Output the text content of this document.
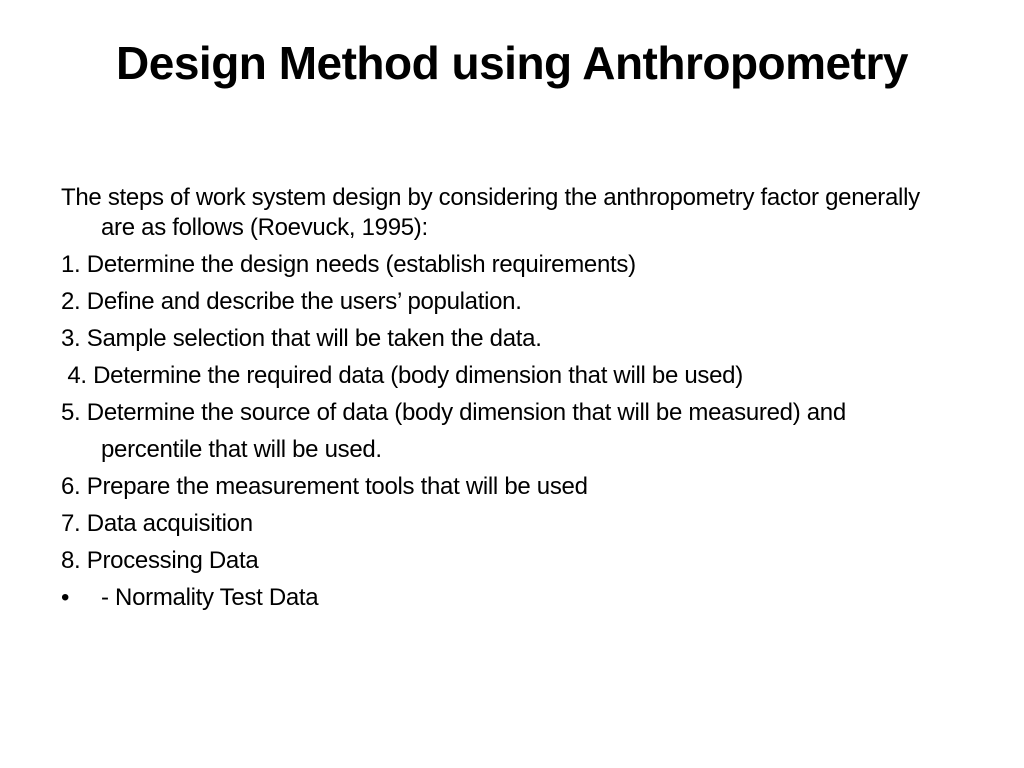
Design Method using Anthropometry

The steps of work system design by considering the anthropometry factor generally are as follows (Roevuck, 1995):

1. Determine the design needs (establish requirements)

2. Define and describe the users’ population.

3. Sample selection that will be taken the data.

4. Determine the required data (body dimension that will be used)

5. Determine the source of data (body dimension that will be measured) and

percentile that will be used.

6. Prepare the measurement tools that will be used

7. Data acquisition

8. Processing Data

•	- Normality Test Data
